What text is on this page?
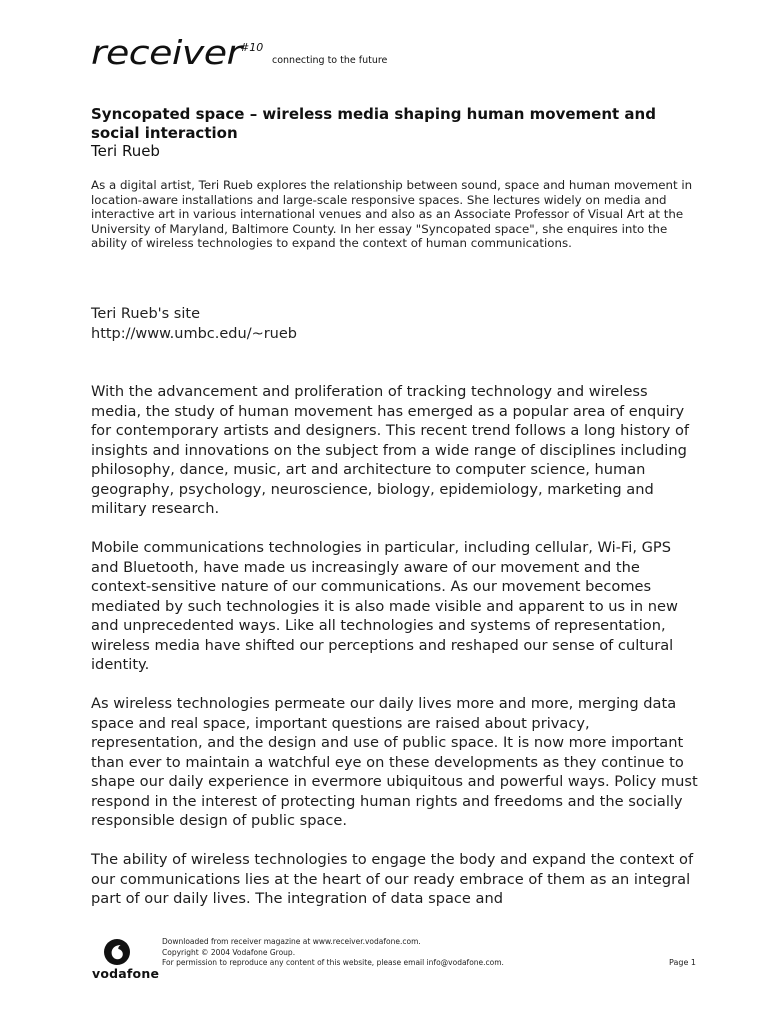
receiver
#10
connecting to the future
Syncopated space – wireless media shaping human movement and social interaction

Teri Rueb

As a digital artist, Teri Rueb explores the relationship between sound, space and human movement in location-aware installations and large-scale responsive spaces. She lectures widely on media and interactive art in various international venues and also as an Associate Professor of Visual Art at the University of Maryland, Baltimore County. In her essay "Syncopated space", she enquires into the ability of wireless technologies to expand the context of human communications.

Teri Rueb's site

http://www.umbc.edu/~rueb

With the advancement and proliferation of tracking technology and wireless media, the study of human movement has emerged as a popular area of enquiry for contemporary artists and designers. This recent trend follows a long history of insights and innovations on the subject from a wide range of disciplines including philosophy, dance, music, art and architecture to computer science, human geography, psychology, neuroscience, biology, epidemiology, marketing and military research.

Mobile communications technologies in particular, including cellular, Wi-Fi, GPS and Bluetooth, have made us increasingly aware of our movement and the context-sensitive nature of our communications. As our movement becomes mediated by such technologies it is also made visible and apparent to us in new and unprecedented ways. Like all technologies and systems of representation, wireless media have shifted our perceptions and reshaped our sense of cultural identity.

As wireless technologies permeate our daily lives more and more, merging data space and real space, important questions are raised about privacy, representation, and the design and use of public space. It is now more important than ever to maintain a watchful eye on these developments as they continue to shape our daily experience in evermore ubiquitous and powerful ways. Policy must respond in the interest of protecting human rights and freedoms and the socially responsible design of public space.

The ability of wireless technologies to engage the body and expand the context of our communications lies at the heart of our ready embrace of them as an integral part of our daily lives. The integration of data space and

vodafone
Downloaded from receiver magazine at www.receiver.vodafone.com.
Copyright © 2004 Vodafone Group.
For permission to reproduce any content of this website, please email info@vodafone.com.	Page 1
